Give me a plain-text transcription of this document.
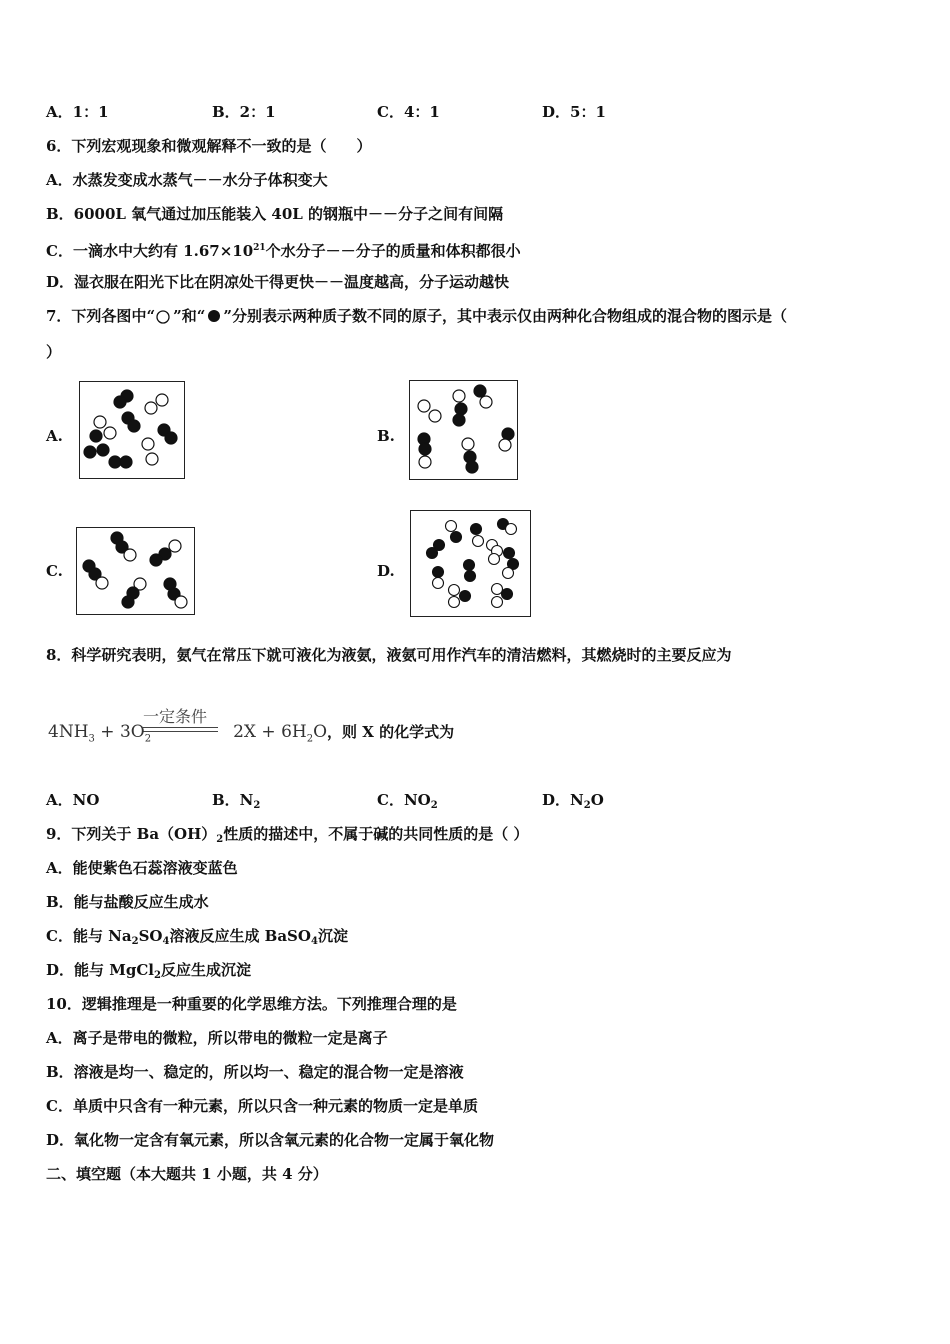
A．1：1	B．2：1	C．4：1	D．5：1
6．下列宏观现象和微观解释不一致的是（　　）
A．水蒸发变成水蒸气－－水分子体积变大
B．6000L 氧气通过加压能装入 40L 的钢瓶中－－分子之间有间隔
C．一滴水中大约有 $1.67\times 10^{21}$个水分子－－分子的质量和体积都很小
D．湿衣服在阳光下比在阴凉处干得更快－－温度越高，分子运动越快
7．下列各图中“ ”和“ ”分别表示两种质子数不同的原子，其中表示仅由两种化合物组成的混合物的图示是（
）
A.	B.
C.	D.
8．科学研究表明，氨气在常压下就可液化为液氨，液氨可用作汽车的清洁燃料，其燃烧时的主要反应为
一定条件
$4NH_3 + 3O_2$	$2X + 6H_2O$，则 X 的化学式为
A．NO	B．$N_2$	C．$NO_2$	D．$N_2O$
9．下列关于 $Ba(OH)_2$性质的描述中，不属于碱的共同性质的是（ ）
A．能使紫色石蕊溶液变蓝色
B．能与盐酸反应生成水
C．能与 $Na_2SO_4$溶液反应生成 BaSO$_4$沉淀
D．能与 MgCl$_2$反应生成沉淀
10．逻辑推理是一种重要的化学思维方法。下列推理合理的是
A．离子是带电的微粒，所以带电的微粒一定是离子
B．溶液是均一、稳定的，所以均一、稳定的混合物一定是溶液
C．单质中只含有一种元素，所以只含一种元素的物质一定是单质
D．氧化物一定含有氧元素，所以含氧元素的化合物一定属于氧化物
二、填空题（本大题共 1 小题，共 4 分）
